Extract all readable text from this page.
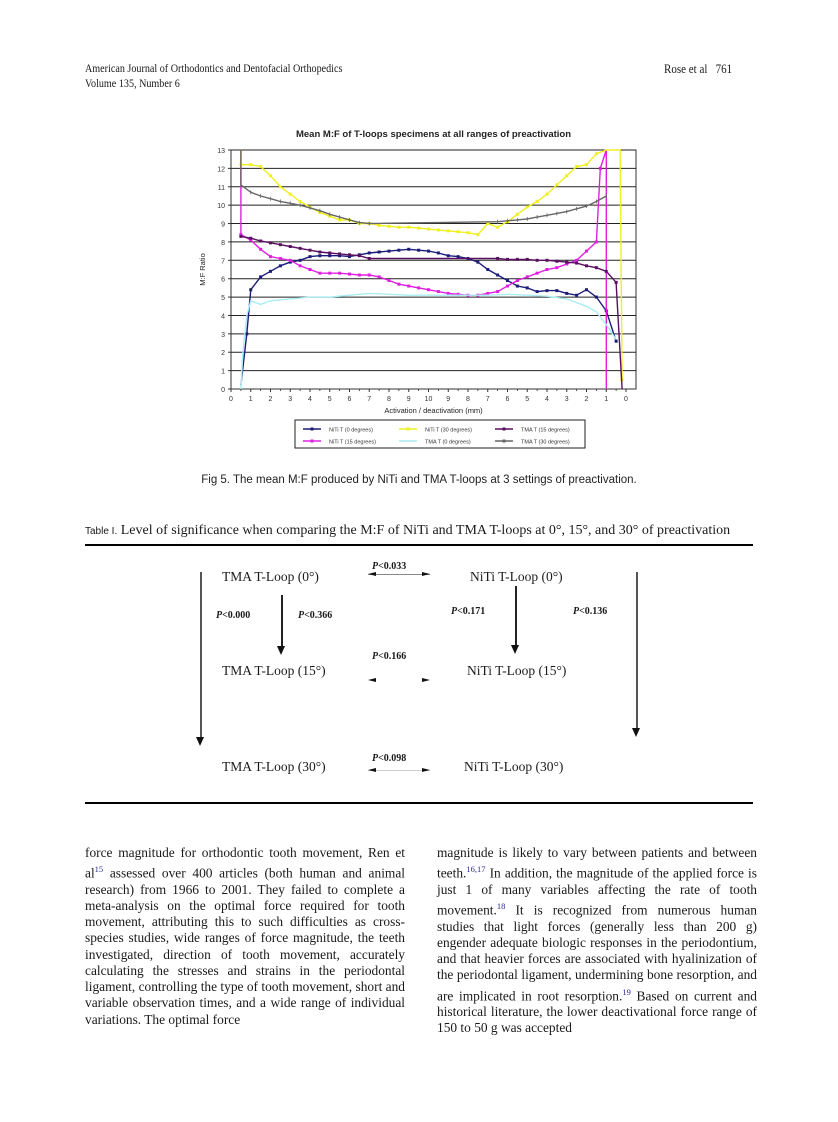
American Journal of Orthodontics and Dentofacial Orthopedics
Volume 135, Number 6
Rose et al 761
Mean M:F of T-loops specimens at all ranges of preactivation
0
1
2
3
4
5
6
7
8
9
10
11
12
13
0 1 2 3 4 5 6 7 8 9 10 9 8 7 6 5 4 3 2 1 0
Activation / deactivation (mm)
M:F Ratio
NiTi T (0 degrees)	NiTi T (30 degrees)	TMA T (15 degrees)
NiTi T (15 degrees)	TMA T (0 degrees)	TMA T (30 degrees)
Fig 5. The mean M:F produced by NiTi and TMA T-loops at 3 settings of preactivation.
Table I. Level of significance when comparing the M:F of NiTi and TMA T-loops at 0°, 15°, and 30° of preactivation
TMA T-Loop (0°)	NiTi T-Loop (0°)
TMA T-Loop (15°)	NiTi T-Loop (15°)
TMA T-Loop (30°)	NiTi T-Loop (30°)
P<0.033
P<0.000	P<0.366	P<0.171	P<0.136
P<0.166
P<0.098

force magnitude for orthodontic tooth movement, Ren et $al^{15}$ assessed over 400 articles (both human and animal research) from 1966 to 2001. They failed to complete a meta-analysis on the optimal force required for tooth movement, attributing this to such difficulties as cross-species studies, wide ranges of force magnitude, the teeth investigated, direction of tooth movement, accurately calculating the stresses and strains in the periodontal ligament, controlling the type of tooth movement, short and variable observation times, and a wide range of individual variations. The optimal force

magnitude is likely to vary between patients and between teeth.$^{16,17}$ In addition, the magnitude of the applied force is just 1 of many variables affecting the rate of tooth movement.$^{18}$ It is recognized from numerous human studies that light forces (generally less than 200 g) engender adequate biologic responses in the periodontium, and that heavier forces are associated with hyalinization of the periodontal ligament, undermining bone resorption, and are implicated in root resorption.$^{19}$ Based on current and historical literature, the lower deactivational force range of 150 to 50 g was accepted
